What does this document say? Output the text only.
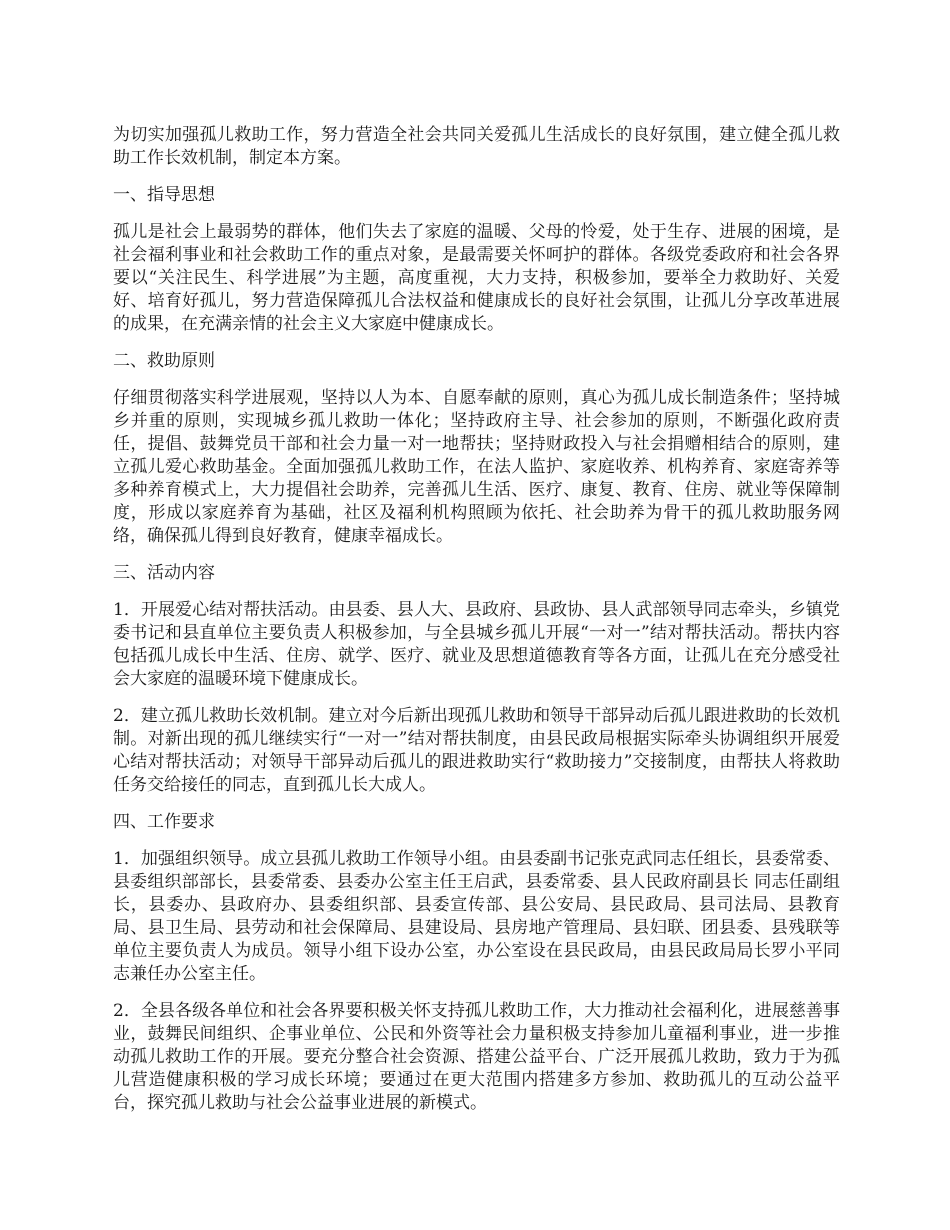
为切实加强孤儿救助工作，努力营造全社会共同关爱孤儿生活成长的良好氛围，建立健全孤儿救助工作长效机制，制定本方案。

一、指导思想

孤儿是社会上最弱势的群体，他们失去了家庭的温暖、父母的怜爱，处于生存、进展的困境，是社会福利事业和社会救助工作的重点对象，是最需要关怀呵护的群体。各级党委政府和社会各界要以“关注民生、科学进展”为主题，高度重视，大力支持，积极参加，要举全力救助好、关爱好、培育好孤儿，努力营造保障孤儿合法权益和健康成长的良好社会氛围，让孤儿分享改革进展的成果，在充满亲情的社会主义大家庭中健康成长。

二、救助原则

仔细贯彻落实科学进展观，坚持以人为本、自愿奉献的原则，真心为孤儿成长制造条件；坚持城乡并重的原则，实现城乡孤儿救助一体化；坚持政府主导、社会参加的原则，不断强化政府责任，提倡、鼓舞党员干部和社会力量一对一地帮扶；坚持财政投入与社会捐赠相结合的原则，建立孤儿爱心救助基金。全面加强孤儿救助工作，在法人监护、家庭收养、机构养育、家庭寄养等多种养育模式上，大力提倡社会助养，完善孤儿生活、医疗、康复、教育、住房、就业等保障制度，形成以家庭养育为基础，社区及福利机构照顾为依托、社会助养为骨干的孤儿救助服务网络，确保孤儿得到良好教育，健康幸福成长。

三、活动内容

1．开展爱心结对帮扶活动。由县委、县人大、县政府、县政协、县人武部领导同志牵头，乡镇党委书记和县直单位主要负责人积极参加，与全县城乡孤儿开展“一对一”结对帮扶活动。帮扶内容包括孤儿成长中生活、住房、就学、医疗、就业及思想道德教育等各方面，让孤儿在充分感受社会大家庭的温暖环境下健康成长。

2．建立孤儿救助长效机制。建立对今后新出现孤儿救助和领导干部异动后孤儿跟进救助的长效机制。对新出现的孤儿继续实行“一对一”结对帮扶制度，由县民政局根据实际牵头协调组织开展爱心结对帮扶活动；对领导干部异动后孤儿的跟进救助实行“救助接力”交接制度，由帮扶人将救助任务交给接任的同志，直到孤儿长大成人。

四、工作要求

1．加强组织领导。成立县孤儿救助工作领导小组。由县委副书记张克武同志任组长，县委常委、县委组织部部长，县委常委、县委办公室主任王启武，县委常委、县人民政府副县长 同志任副组长，县委办、县政府办、县委组织部、县委宣传部、县公安局、县民政局、县司法局、县教育局、县卫生局、县劳动和社会保障局、县建设局、县房地产管理局、县妇联、团县委、县残联等单位主要负责人为成员。领导小组下设办公室，办公室设在县民政局，由县民政局局长罗小平同志兼任办公室主任。

2．全县各级各单位和社会各界要积极关怀支持孤儿救助工作，大力推动社会福利化，进展慈善事业，鼓舞民间组织、企事业单位、公民和外资等社会力量积极支持参加儿童福利事业，进一步推动孤儿救助工作的开展。要充分整合社会资源、搭建公益平台、广泛开展孤儿救助，致力于为孤儿营造健康积极的学习成长环境；要通过在更大范围内搭建多方参加、救助孤儿的互动公益平台，探究孤儿救助与社会公益事业进展的新模式。
